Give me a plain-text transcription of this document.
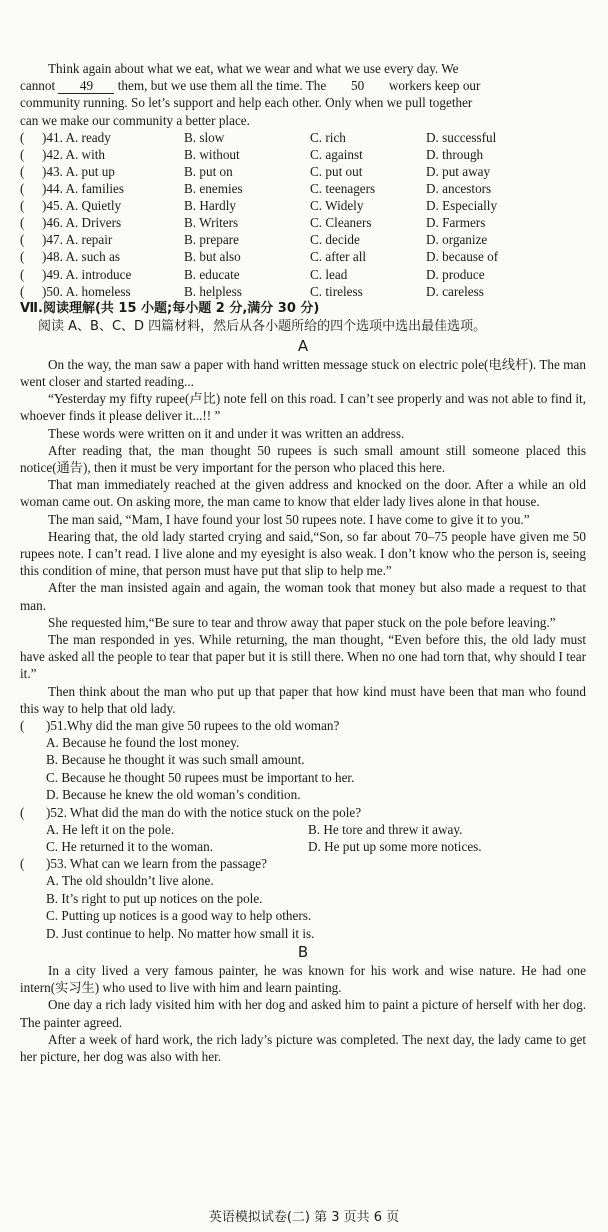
Think again about what we eat, what we wear and what we use every day. We

cannot 49 them, but we use them all the time. The 50 workers keep our

community running. So let’s support and help each other. Only when we pull together

can we make our community a better place.

(	)41. A. ready	B. slow	C. rich	D. successful
(	)42. A. with	B. without	C. against	D. through
(	)43. A. put up	B. put on	C. put out	D. put away
(	)44. A. families	B. enemies	C. teenagers	D. ancestors
(	)45. A. Quietly	B. Hardly	C. Widely	D. Especially
(	)46. A. Drivers	B. Writers	C. Cleaners	D. Farmers
(	)47. A. repair	B. prepare	C. decide	D. organize
(	)48. A. such as	B. but also	C. after all	D. because of
(	)49. A. introduce	B. educate	C. lead	D. produce
(	)50. A. homeless	B. helpless	C. tireless	D. careless
Ⅶ.阅读理解(共 15 小题;每小题 2 分,满分 30 分)
阅读 A、B、C、D 四篇材料，然后从各小题所给的四个选项中选出最佳选项。
A

On the way, the man saw a paper with hand written message stuck on electric pole(电线杆). The man went closer and started reading...

“Yesterday my fifty rupee(卢比) note fell on this road. I can’t see properly and was not able to find it, whoever finds it please deliver it...!! ”

These words were written on it and under it was written an address.

After reading that, the man thought 50 rupees is such small amount still someone placed this notice(通告), then it must be very important for the person who placed this here.

That man immediately reached at the given address and knocked on the door. After a while an old woman came out. On asking more, the man came to know that elder lady lives alone in that house.

The man said, “Mam, I have found your lost 50 rupees note. I have come to give it to you.”

Hearing that, the old lady started crying and said,“Son, so far about 70–75 people have given me 50 rupees note. I can’t read. I live alone and my eyesight is also weak. I don’t know who the person is, seeing this condition of mine, that person must have put that slip to help me.”

After the man insisted again and again, the woman took that money but also made a request to that man.

She requested him,“Be sure to tear and throw away that paper stuck on the pole before leaving.”

The man responded in yes. While returning, the man thought, “Even before this, the old lady must have asked all the people to tear that paper but it is still there. When no one had torn that, why should I tear it.”

Then think about the man who put up that paper that how kind must have been that man who found this way to help that old lady.

(	)51.Why did the man give 50 rupees to the old woman?
A. Because he found the lost money.
B. Because he thought it was such small amount.
C. Because he thought 50 rupees must be important to her.
D. Because he knew the old woman’s condition.
(	)52. What did the man do with the notice stuck on the pole?
A. He left it on the pole.	B. He tore and threw it away.
C. He returned it to the woman.	D. He put up some more notices.
(	)53. What can we learn from the passage?
A. The old shouldn’t live alone.
B. It’s right to put up notices on the pole.
C. Putting up notices is a good way to help others.
D. Just continue to help. No matter how small it is.
B

In a city lived a very famous painter, he was known for his work and wise nature. He had one intern(实习生) who used to live with him and learn painting.

One day a rich lady visited him with her dog and asked him to paint a picture of herself with her dog. The painter agreed.

After a week of hard work, the rich lady’s picture was completed. The next day, the lady came to get her picture, her dog was also with her.

英语模拟试卷(二) 第 3 页共 6 页
